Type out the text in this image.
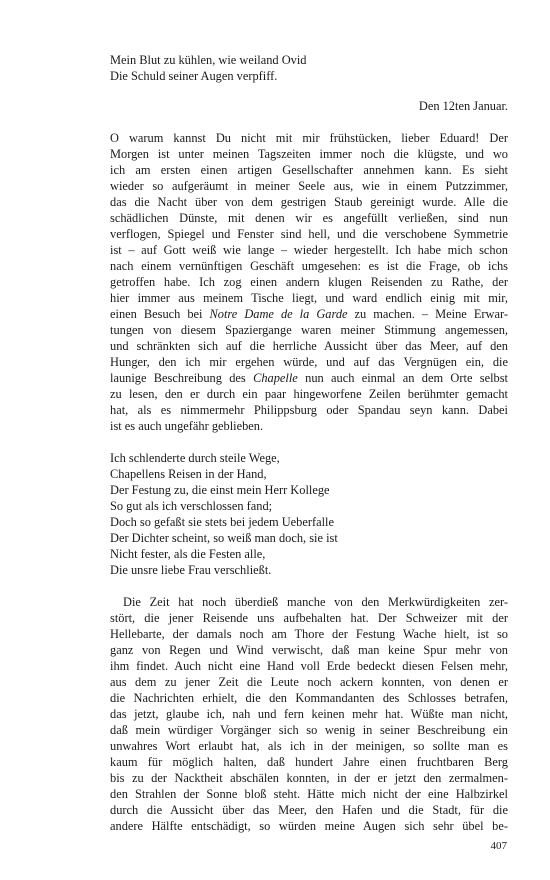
Mein Blut zu kühlen, wie weiland Ovid
Die Schuld seiner Augen verpfiff.
Den 12ten Januar.
O warum kannst Du nicht mit mir frühstücken, lieber Eduard! Der
Morgen ist unter meinen Tagszeiten immer noch die klügste, und wo
ich am ersten einen artigen Gesellschafter annehmen kann. Es sieht
wieder so aufgeräumt in meiner Seele aus, wie in einem Putzzimmer,
das die Nacht über von dem gestrigen Staub gereinigt wurde. Alle die
schädlichen Dünste, mit denen wir es angefüllt verließen, sind nun
verflogen, Spiegel und Fenster sind hell, und die verschobene Symmetrie
ist – auf Gott weiß wie lange – wieder hergestellt. Ich habe mich schon
nach einem vernünftigen Geschäft umgesehen: es ist die Frage, ob ichs
getroffen habe. Ich zog einen andern klugen Reisenden zu Rathe, der
hier immer aus meinem Tische liegt, und ward endlich einig mit mir,
einen Besuch bei Notre Dame de la Garde zu machen. – Meine Erwar-
tungen von diesem Spaziergange waren meiner Stimmung angemessen,
und schränkten sich auf die herrliche Aussicht über das Meer, auf den
Hunger, den ich mir ergehen würde, und auf das Vergnügen ein, die
launige Beschreibung des Chapelle nun auch einmal an dem Orte selbst
zu lesen, den er durch ein paar hingeworfene Zeilen berühmter gemacht
hat, als es nimmermehr Philippsburg oder Spandau seyn kann. Dabei
ist es auch ungefähr geblieben.
Ich schlenderte durch steile Wege,
Chapellens Reisen in der Hand,
Der Festung zu, die einst mein Herr Kollege
So gut als ich verschlossen fand;
Doch so gefaßt sie stets bei jedem Ueberfalle
Der Dichter scheint, so weiß man doch, sie ist
Nicht fester, als die Festen alle,
Die unsre liebe Frau verschließt.
Die Zeit hat noch überdieß manche von den Merkwürdigkeiten zer-
stört, die jener Reisende uns aufbehalten hat. Der Schweizer mit der
Hellebarte, der damals noch am Thore der Festung Wache hielt, ist so
ganz von Regen und Wind verwischt, daß man keine Spur mehr von
ihm findet. Auch nicht eine Hand voll Erde bedeckt diesen Felsen mehr,
aus dem zu jener Zeit die Leute noch ackern konnten, von denen er
die Nachrichten erhielt, die den Kommandanten des Schlosses betrafen,
das jetzt, glaube ich, nah und fern keinen mehr hat. Wüßte man nicht,
daß mein würdiger Vorgänger sich so wenig in seiner Beschreibung ein
unwahres Wort erlaubt hat, als ich in der meinigen, so sollte man es
kaum für möglich halten, daß hundert Jahre einen fruchtbaren Berg
bis zu der Nacktheit abschälen konnten, in der er jetzt den zermalmen-
den Strahlen der Sonne bloß steht. Hätte mich nicht der eine Halbzirkel
durch die Aussicht über das Meer, den Hafen und die Stadt, für die
andere Hälfte entschädigt, so würden meine Augen sich sehr übel be-
407
